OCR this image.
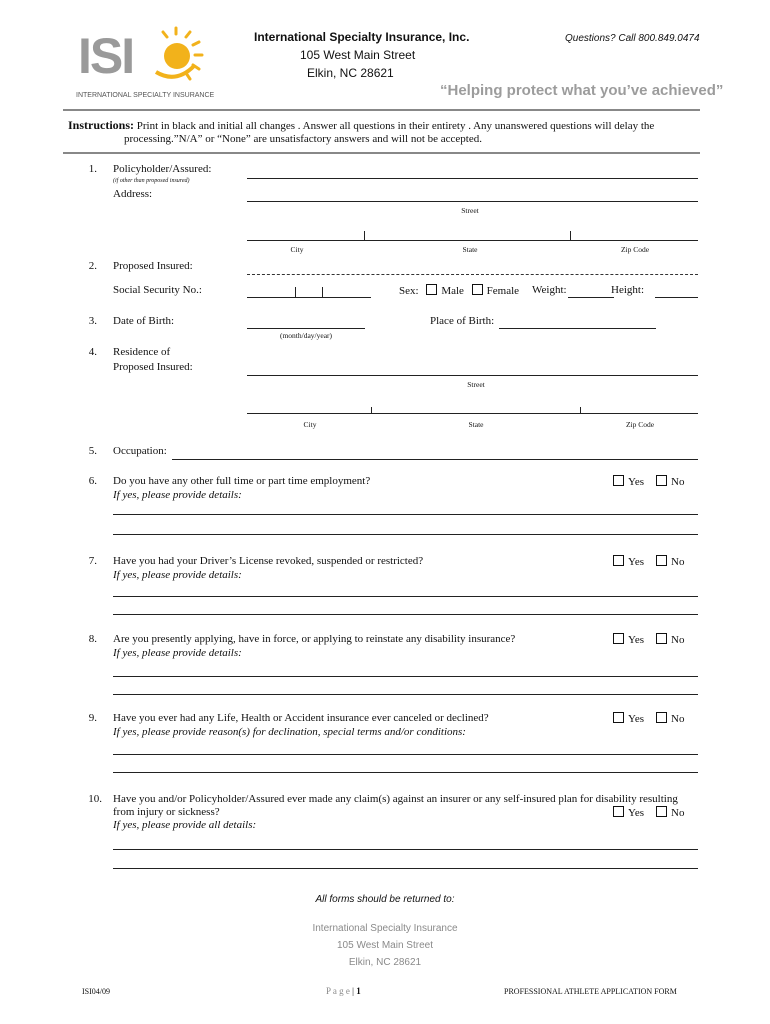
ISI
INTERNATIONAL SPECIALTY INSURANCE
International Specialty Insurance, Inc.
105 West Main Street
Elkin, NC 28621
Questions? Call 800.849.0474
“Helping protect what you’ve achieved”
Instructions: Print in black and initial all changes . Answer all questions in their entirety . Any unanswered questions will delay the
processing.”N/A” or “None” are unsatisfactory answers and will not be accepted.
1. Policyholder/Assured:
(if other than proposed insured)
Address:
Street
City	State	Zip Code
2. Proposed Insured:
Social Security No.:	Sex: Male Female Weight:	Height:
3. Date of Birth:
(month/day/year)
Place of Birth:
4. Residence of
Proposed Insured:
Street
City	State	Zip Code
5. Occupation:
6. Do you have any other full time or part time employment?
If yes, please provide details:
Yes No
7. Have you had your Driver’s License revoked, suspended or restricted?
If yes, please provide details:
Yes No
8. Are you presently applying, have in force, or applying to reinstate any disability insurance?
If yes, please provide details:
Yes No
9. Have you ever had any Life, Health or Accident insurance ever canceled or declined?
If yes, please provide reason(s) for declination, special terms and/or conditions:
Yes No
10. Have you and/or Policyholder/Assured ever made any claim(s) against an insurer or any self-insured plan for disability resulting
from injury or sickness?
If yes, please provide all details:
Yes No
All forms should be returned to:
International Specialty Insurance
105 West Main Street
Elkin, NC 28621
ISI04/09	P a g e | 1	PROFESSIONAL ATHLETE APPLICATION FORM
